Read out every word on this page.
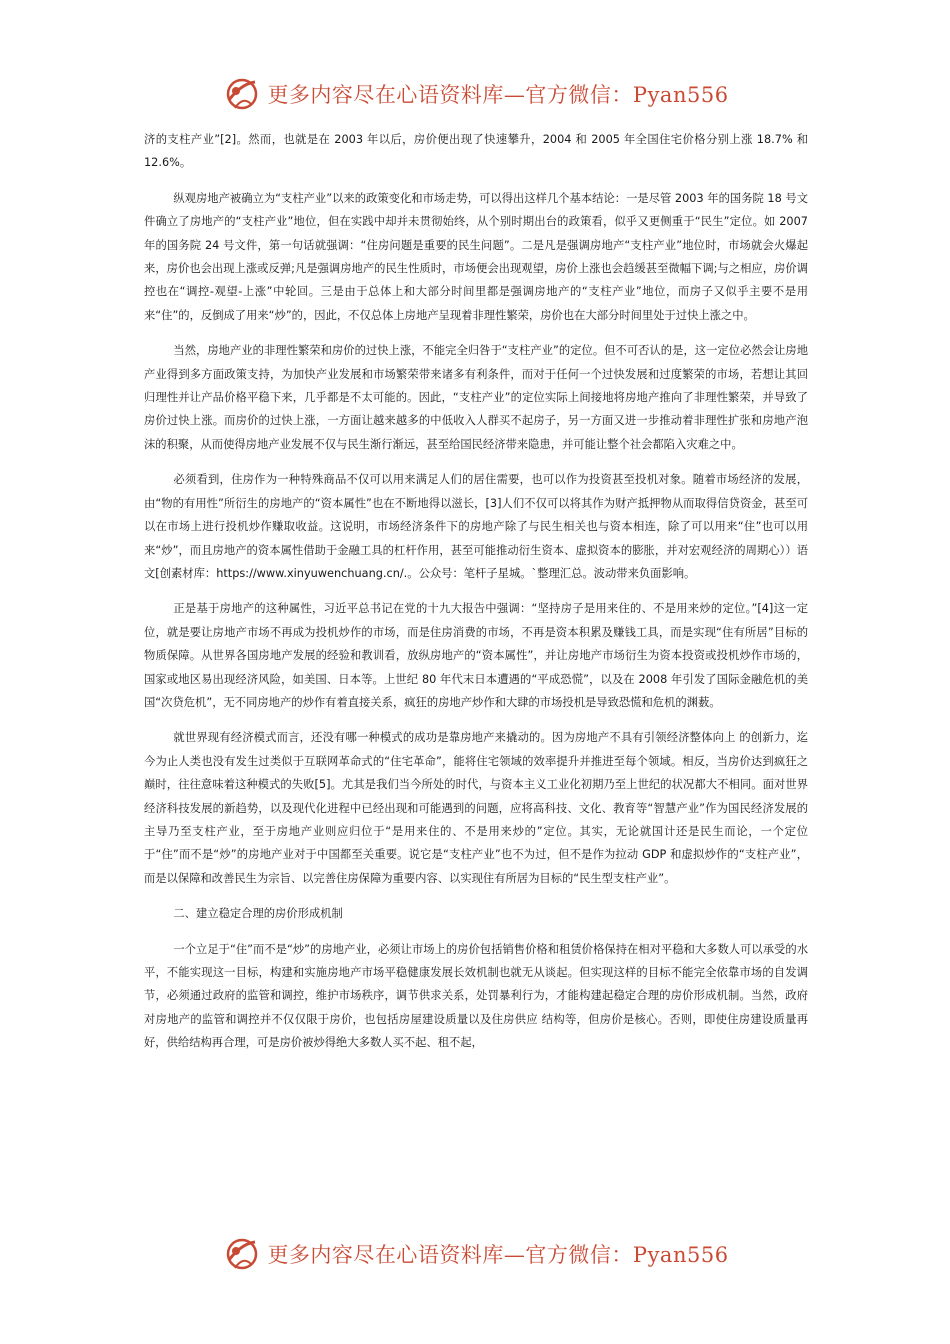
更多内容尽在心语资料库—官方微信：Pyan556

济的支柱产业”[2]。然而，也就是在 2003 年以后，房价便出现了快速攀升，2004 和 2005 年全国住宅价格分别上涨 18.7% 和 12.6%。

纵观房地产被确立为“支柱产业”以来的政策变化和市场走势，可以得出这样几个基本结论：一是尽管 2003 年的国务院 18 号文件确立了房地产的“支柱产业”地位，但在实践中却并未贯彻始终，从个别时期出台的政策看，似乎又更侧重于“民生”定位。如 2007 年的国务院 24 号文件，第一句话就强调：“住房问题是重要的民生问题”。二是凡是强调房地产“支柱产业”地位时，市场就会火爆起来，房价也会出现上涨或反弹;凡是强调房地产的民生性质时，市场便会出现观望，房价上涨也会趋缓甚至微幅下调;与之相应，房价调控也在“调控-观望-上涨”中轮回。三是由于总体上和大部分时间里都是强调房地产的“支柱产业”地位，而房子又似乎主要不是用来“住”的，反倒成了用来“炒”的，因此，不仅总体上房地产呈现着非理性繁荣，房价也在大部分时间里处于过快上涨之中。

当然，房地产业的非理性繁荣和房价的过快上涨，不能完全归咎于“支柱产业”的定位。但不可否认的是，这一定位必然会让房地产业得到多方面政策支持，为加快产业发展和市场繁荣带来诸多有利条件，而对于任何一个过快发展和过度繁荣的市场，若想让其回归理性并让产品价格平稳下来，几乎都是不太可能的。因此，“支柱产业”的定位实际上间接地将房地产推向了非理性繁荣，并导致了房价过快上涨。而房价的过快上涨，一方面让越来越多的中低收入人群买不起房子，另一方面又进一步推动着非理性扩张和房地产泡沫的积聚，从而使得房地产业发展不仅与民生渐行渐远，甚至给国民经济带来隐患，并可能让整个社会都陷入灾难之中。

必须看到，住房作为一种特殊商品不仅可以用来满足人们的居住需要，也可以作为投资甚至投机对象。随着市场经济的发展，由“物的有用性”所衍生的房地产的“资本属性”也在不断地得以滋长，[3]人们不仅可以将其作为财产抵押物从而取得信贷资金，甚至可以在市场上进行投机炒作赚取收益。这说明，市场经济条件下的房地产除了与民生相关也与资本相连，除了可以用来“住”也可以用来“炒”，而且房地产的资本属性借助于金融工具的杠杆作用，甚至可能推动衍生资本、虚拟资本的膨胀，并对宏观经济的周期心））语文[创素材库：https://www.xinyuwenchuang.cn/.。公众号：笔杆子星城。`整理汇总。波动带来负面影响。

正是基于房地产的这种属性，习近平总书记在党的十九大报告中强调：“坚持房子是用来住的、不是用来炒的定位。”[4]这一定位，就是要让房地产市场不再成为投机炒作的市场，而是住房消费的市场，不再是资本积累及赚钱工具，而是实现“住有所居”目标的物质保障。从世界各国房地产发展的经验和教训看，放纵房地产的“资本属性”，并让房地产市场衍生为资本投资或投机炒作市场的，国家或地区易出现经济风险，如美国、日本等。上世纪 80 年代末日本遭遇的“平成恐慌”，以及在 2008 年引发了国际金融危机的美国“次贷危机”，无不同房地产的炒作有着直接关系，疯狂的房地产炒作和大肆的市场投机是导致恐慌和危机的渊薮。

就世界现有经济模式而言，还没有哪一种模式的成功是靠房地产来撬动的。因为房地产不具有引领经济整体向上 的创新力，迄今为止人类也没有发生过类似于互联网革命式的“住宅革命”，能将住宅领域的效率提升并推进至每个领域。相反，当房价达到疯狂之巅时，往往意味着这种模式的失败[5]。尤其是我们当今所处的时代，与资本主义工业化初期乃至上世纪的状况都大不相同。面对世界经济科技发展的新趋势，以及现代化进程中已经出现和可能遇到的问题，应将高科技、文化、教育等“智慧产业”作为国民经济发展的主导乃至支柱产业，至于房地产业则应归位于“是用来住的、不是用来炒的”定位。其实，无论就国计还是民生而论，一个定位于“住”而不是“炒”的房地产业对于中国都至关重要。说它是“支柱产业”也不为过，但不是作为拉动 GDP 和虚拟炒作的“支柱产业”，而是以保障和改善民生为宗旨、以完善住房保障为重要内容、以实现住有所居为目标的“民生型支柱产业”。

二、建立稳定合理的房价形成机制

一个立足于“住”而不是“炒”的房地产业，必须让市场上的房价包括销售价格和租赁价格保持在相对平稳和大多数人可以承受的水平，不能实现这一目标，构建和实施房地产市场平稳健康发展长效机制也就无从谈起。但实现这样的目标不能完全依靠市场的自发调节，必须通过政府的监管和调控，维护市场秩序，调节供求关系，处罚暴利行为，才能构建起稳定合理的房价形成机制。当然，政府对房地产的监管和调控并不仅仅限于房价，也包括房屋建设质量以及住房供应 结构等，但房价是核心。否则，即使住房建设质量再好，供给结构再合理，可是房价被炒得绝大多数人买不起、租不起，

更多内容尽在心语资料库—官方微信：Pyan556
